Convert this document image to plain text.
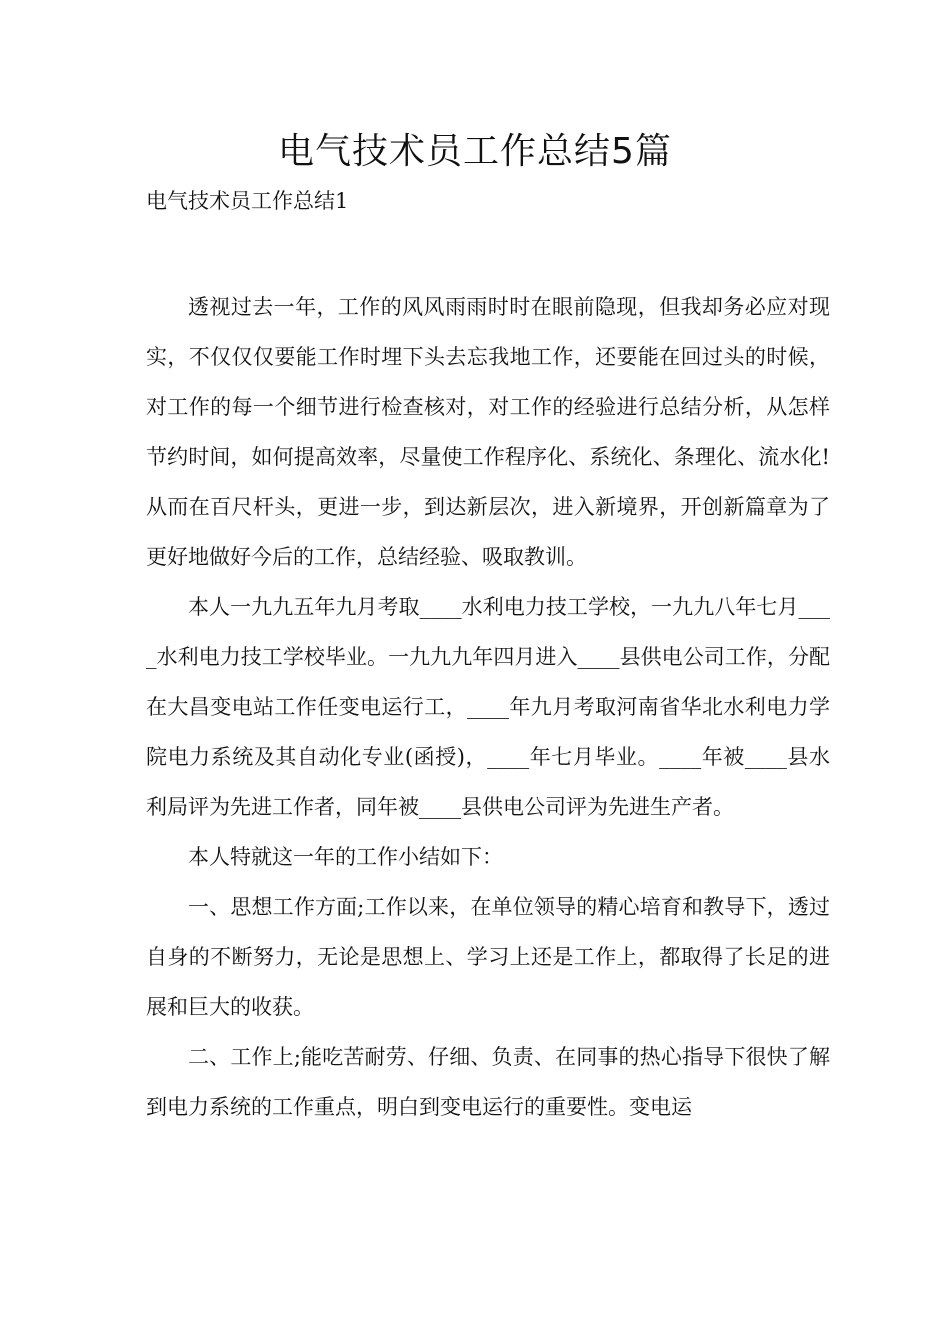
电气技术员工作总结5篇
电气技术员工作总结1

透视过去一年，工作的风风雨雨时时在眼前隐现，但我却务必应对现实，不仅仅仅要能工作时埋下头去忘我地工作，还要能在回过头的时候，对工作的每一个细节进行检查核对，对工作的经验进行总结分析，从怎样节约时间，如何提高效率，尽量使工作程序化、系统化、条理化、流水化!从而在百尺杆头，更进一步，到达新层次，进入新境界，开创新篇章为了更好地做好今后的工作，总结经验、吸取教训。

本人一九九五年九月考取____水利电力技工学校，一九九八年七月____水利电力技工学校毕业。一九九九年四月进入____县供电公司工作，分配在大昌变电站工作任变电运行工，____年九月考取河南省华北水利电力学院电力系统及其自动化专业(函授)，____年七月毕业。____年被____县水利局评为先进工作者，同年被____县供电公司评为先进生产者。

本人特就这一年的工作小结如下：

一、思想工作方面;工作以来，在单位领导的精心培育和教导下，透过自身的不断努力，无论是思想上、学习上还是工作上，都取得了长足的进展和巨大的收获。

二、工作上;能吃苦耐劳、仔细、负责、在同事的热心指导下很快了解到电力系统的工作重点，明白到变电运行的重要性。变电运
